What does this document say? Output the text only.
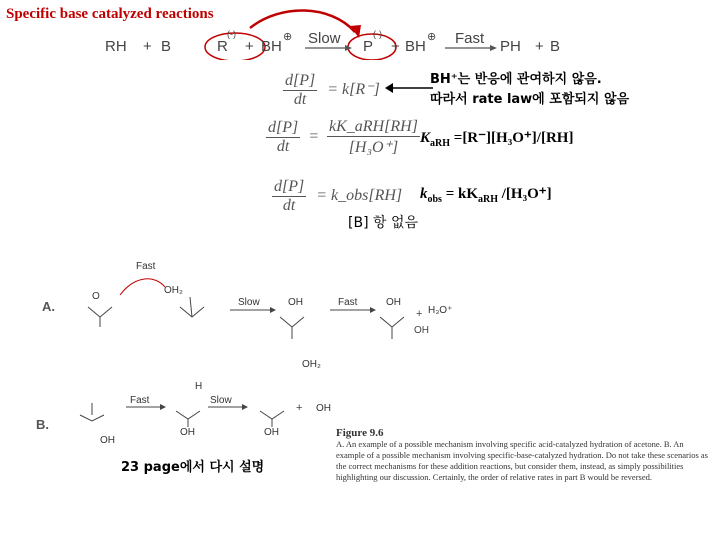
Specific base catalyzed reactions
RH + B	R
(-)
+ BH
⊕ Slow P
(-)
+ BH
⊕ Fast PH + B
$\frac{d[P]}{dt} = k[R^-]$
BH⁺는 반응에 관여하지 않음.
따라서 rate law에 포함되지 않음
$\frac{d[P]}{dt} = \frac{\text{kK\_aRH[RH]}}{\text{[H₃O⁺]}} K_{aRH} =[R^-][H_3O^+]/[RH]$
$\frac{d[P]}{dt}$ = k_obs[RH] $k_{obs} = kK_{aRH}$ /[H₃O⁺]
[B] 항 없음
A.
Fast
OH₂
O
Slow	OH	Fast	OH
H₃O⁺
OH₂
+
OH
B.
Fast
H
Slow
OH
OH	OH
OH
+
23 page에서 다시 설명
Figure 9.6
A. An example of a possible mechanism involving specific acid-catalyzed hydration of acetone. B. An example of a possible mechanism involving specific-base-catalyzed hydration. Do not take these scenarios as the correct mechanisms for these addition reactions, but consider them, instead, as simply possibilities highlighting our discussion. Certainly, the order of relative rates in part B would be reversed.
